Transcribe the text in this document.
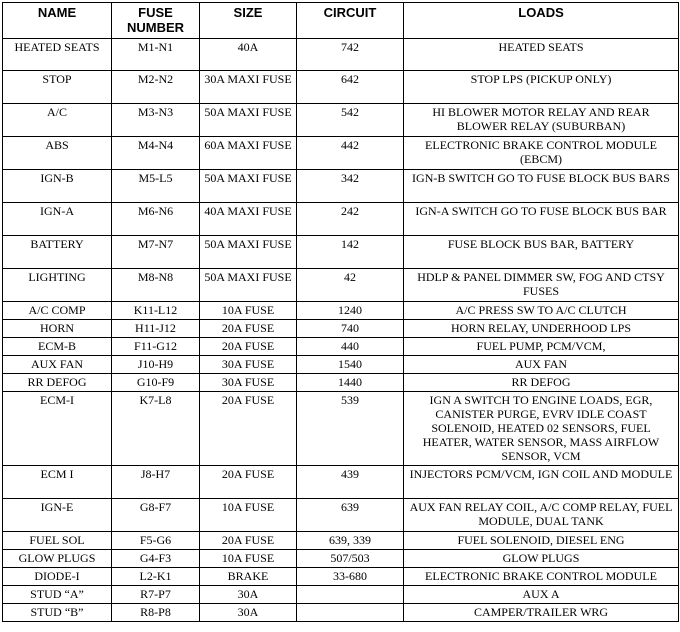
NAME	FUSE NUMBER	SIZE	CIRCUIT	LOADS
HEATED SEATS	M1-N1	40A	742	HEATED SEATS
STOP	M2-N2	30A MAXI FUSE	642	STOP LPS (PICKUP ONLY)
A/C	M3-N3	50A MAXI FUSE	542	HI BLOWER MOTOR RELAY AND REAR BLOWER RELAY (SUBURBAN)
ABS	M4-N4	60A MAXI FUSE	442	ELECTRONIC BRAKE CONTROL MODULE (EBCM)
IGN-B	M5-L5	50A MAXI FUSE	342	IGN-B SWITCH GO TO FUSE BLOCK BUS BARS
IGN-A	M6-N6	40A MAXI FUSE	242	IGN-A SWITCH GO TO FUSE BLOCK BUS BAR
BATTERY	M7-N7	50A MAXI FUSE	142	FUSE BLOCK BUS BAR, BATTERY
LIGHTING	M8-N8	50A MAXI FUSE	42	HDLP & PANEL DIMMER SW, FOG AND CTSY FUSES
A/C COMP	K11-L12	10A FUSE	1240	A/C PRESS SW TO A/C CLUTCH
HORN	H11-J12	20A FUSE	740	HORN RELAY, UNDERHOOD LPS
ECM-B	F11-G12	20A FUSE	440	FUEL PUMP, PCM/VCM,
AUX FAN	J10-H9	30A FUSE	1540	AUX FAN
RR DEFOG	G10-F9	30A FUSE	1440	RR DEFOG
ECM-I	K7-L8	20A FUSE	539	IGN A SWITCH TO ENGINE LOADS, EGR, CANISTER PURGE, EVRV IDLE COAST SOLENOID, HEATED 02 SENSORS, FUEL HEATER, WATER SENSOR, MASS AIRFLOW SENSOR, VCM
ECM I	J8-H7	20A FUSE	439	INJECTORS PCM/VCM, IGN COIL AND MODULE
IGN-E	G8-F7	10A FUSE	639	AUX FAN RELAY COIL, A/C COMP RELAY, FUEL MODULE, DUAL TANK
FUEL SOL	F5-G6	20A FUSE	639, 339	FUEL SOLENOID, DIESEL ENG
GLOW PLUGS	G4-F3	10A FUSE	507/503	GLOW PLUGS
DIODE-I	L2-K1	BRAKE	33-680	ELECTRONIC BRAKE CONTROL MODULE
STUD “A”	R7-P7	30A		AUX A
STUD “B”	R8-P8	30A		CAMPER/TRAILER WRG
